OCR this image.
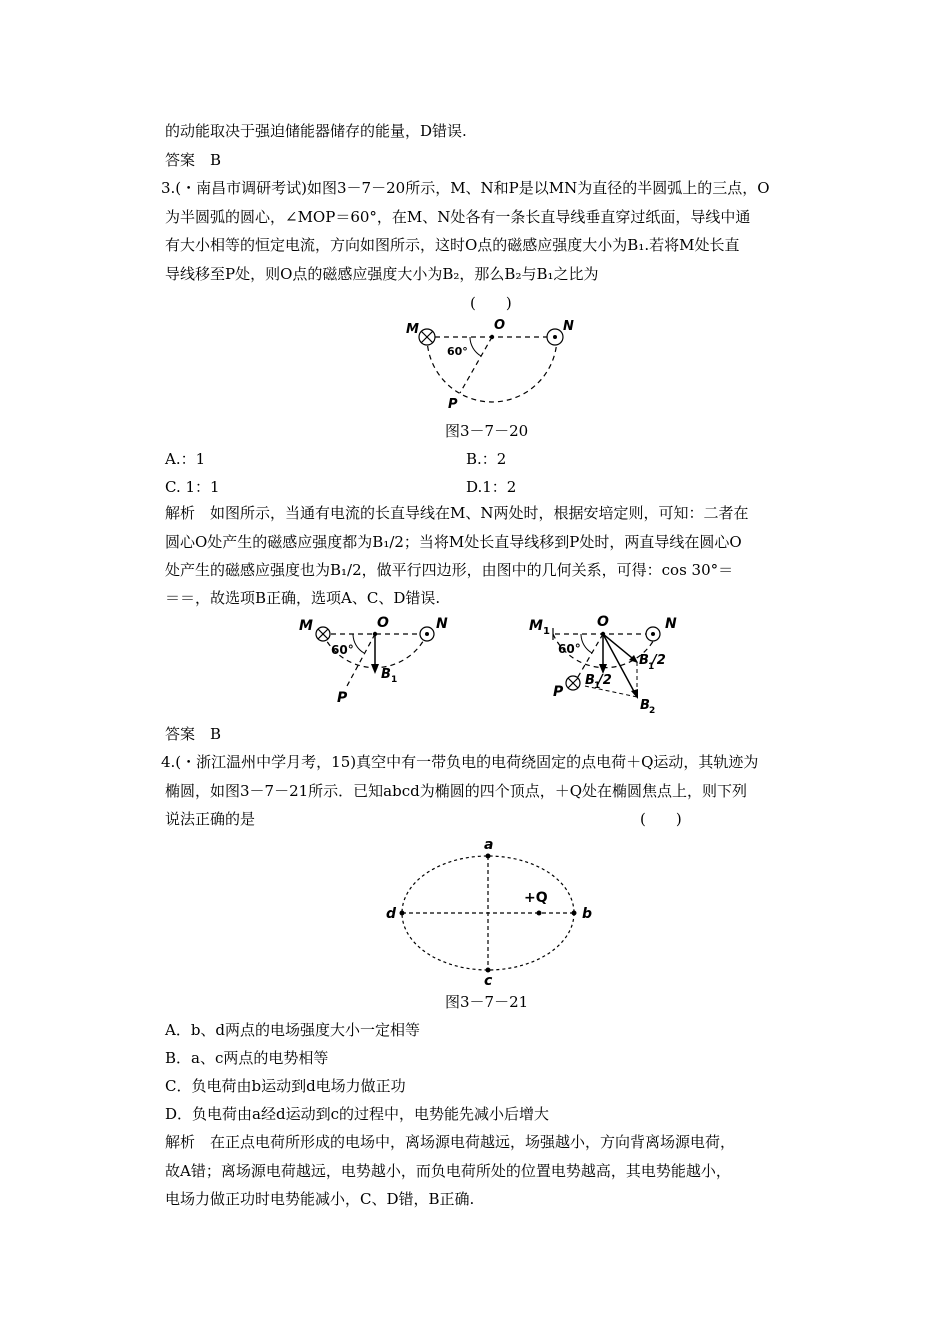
的动能取决于强迫储能器储存的能量，D错误.
答案　B
3.(・南昌市调研考试)如图3－7－20所示，M、N和P是以MN为直径的半圆弧上的三点，O
为半圆弧的圆心，∠MOP＝60°，在M、N处各有一条长直导线垂直穿过纸面，导线中通
有大小相等的恒定电流，方向如图所示，这时O点的磁感应强度大小为B₁.若将M处长直
导线移至P处，则O点的磁感应强度大小为B₂，那么B₂与B₁之比为
(　　)
M	O	N
P
60°
图3－7－20
A.：1	B.：2
C. 1：1	D.1：2
解析　如图所示，当通有电流的长直导线在M、N两处时，根据安培定则，可知：二者在
圆心O处产生的磁感应强度都为B₁/2；当将M处长直导线移到P处时，两直导线在圆心O
处产生的磁感应强度也为B₁/2，做平行四边形，由图中的几何关系，可得：cos 30°＝
＝＝，故选项B正确，选项A、C、D错误.
M	O	N
P
60°
B 1
M 1
O	N
P
60°
B 1
/2
B 1
/2
B 2
答案　B
4.(・浙江温州中学月考，15)真空中有一带负电的电荷绕固定的点电荷＋Q运动，其轨迹为
椭圆，如图3－7－21所示．已知abcd为椭圆的四个顶点，＋Q处在椭圆焦点上，则下列
说法正确的是	(　　)
a
b
c
d
+Q
图3－7－21
A．b、d两点的电场强度大小一定相等
B．a、c两点的电势相等
C．负电荷由b运动到d电场力做正功
D．负电荷由a经d运动到c的过程中，电势能先减小后增大
解析　在正点电荷所形成的电场中，离场源电荷越远，场强越小，方向背离场源电荷，
故A错；离场源电荷越远，电势越小，而负电荷所处的位置电势越高，其电势能越小，
电场力做正功时电势能减小，C、D错，B正确.
